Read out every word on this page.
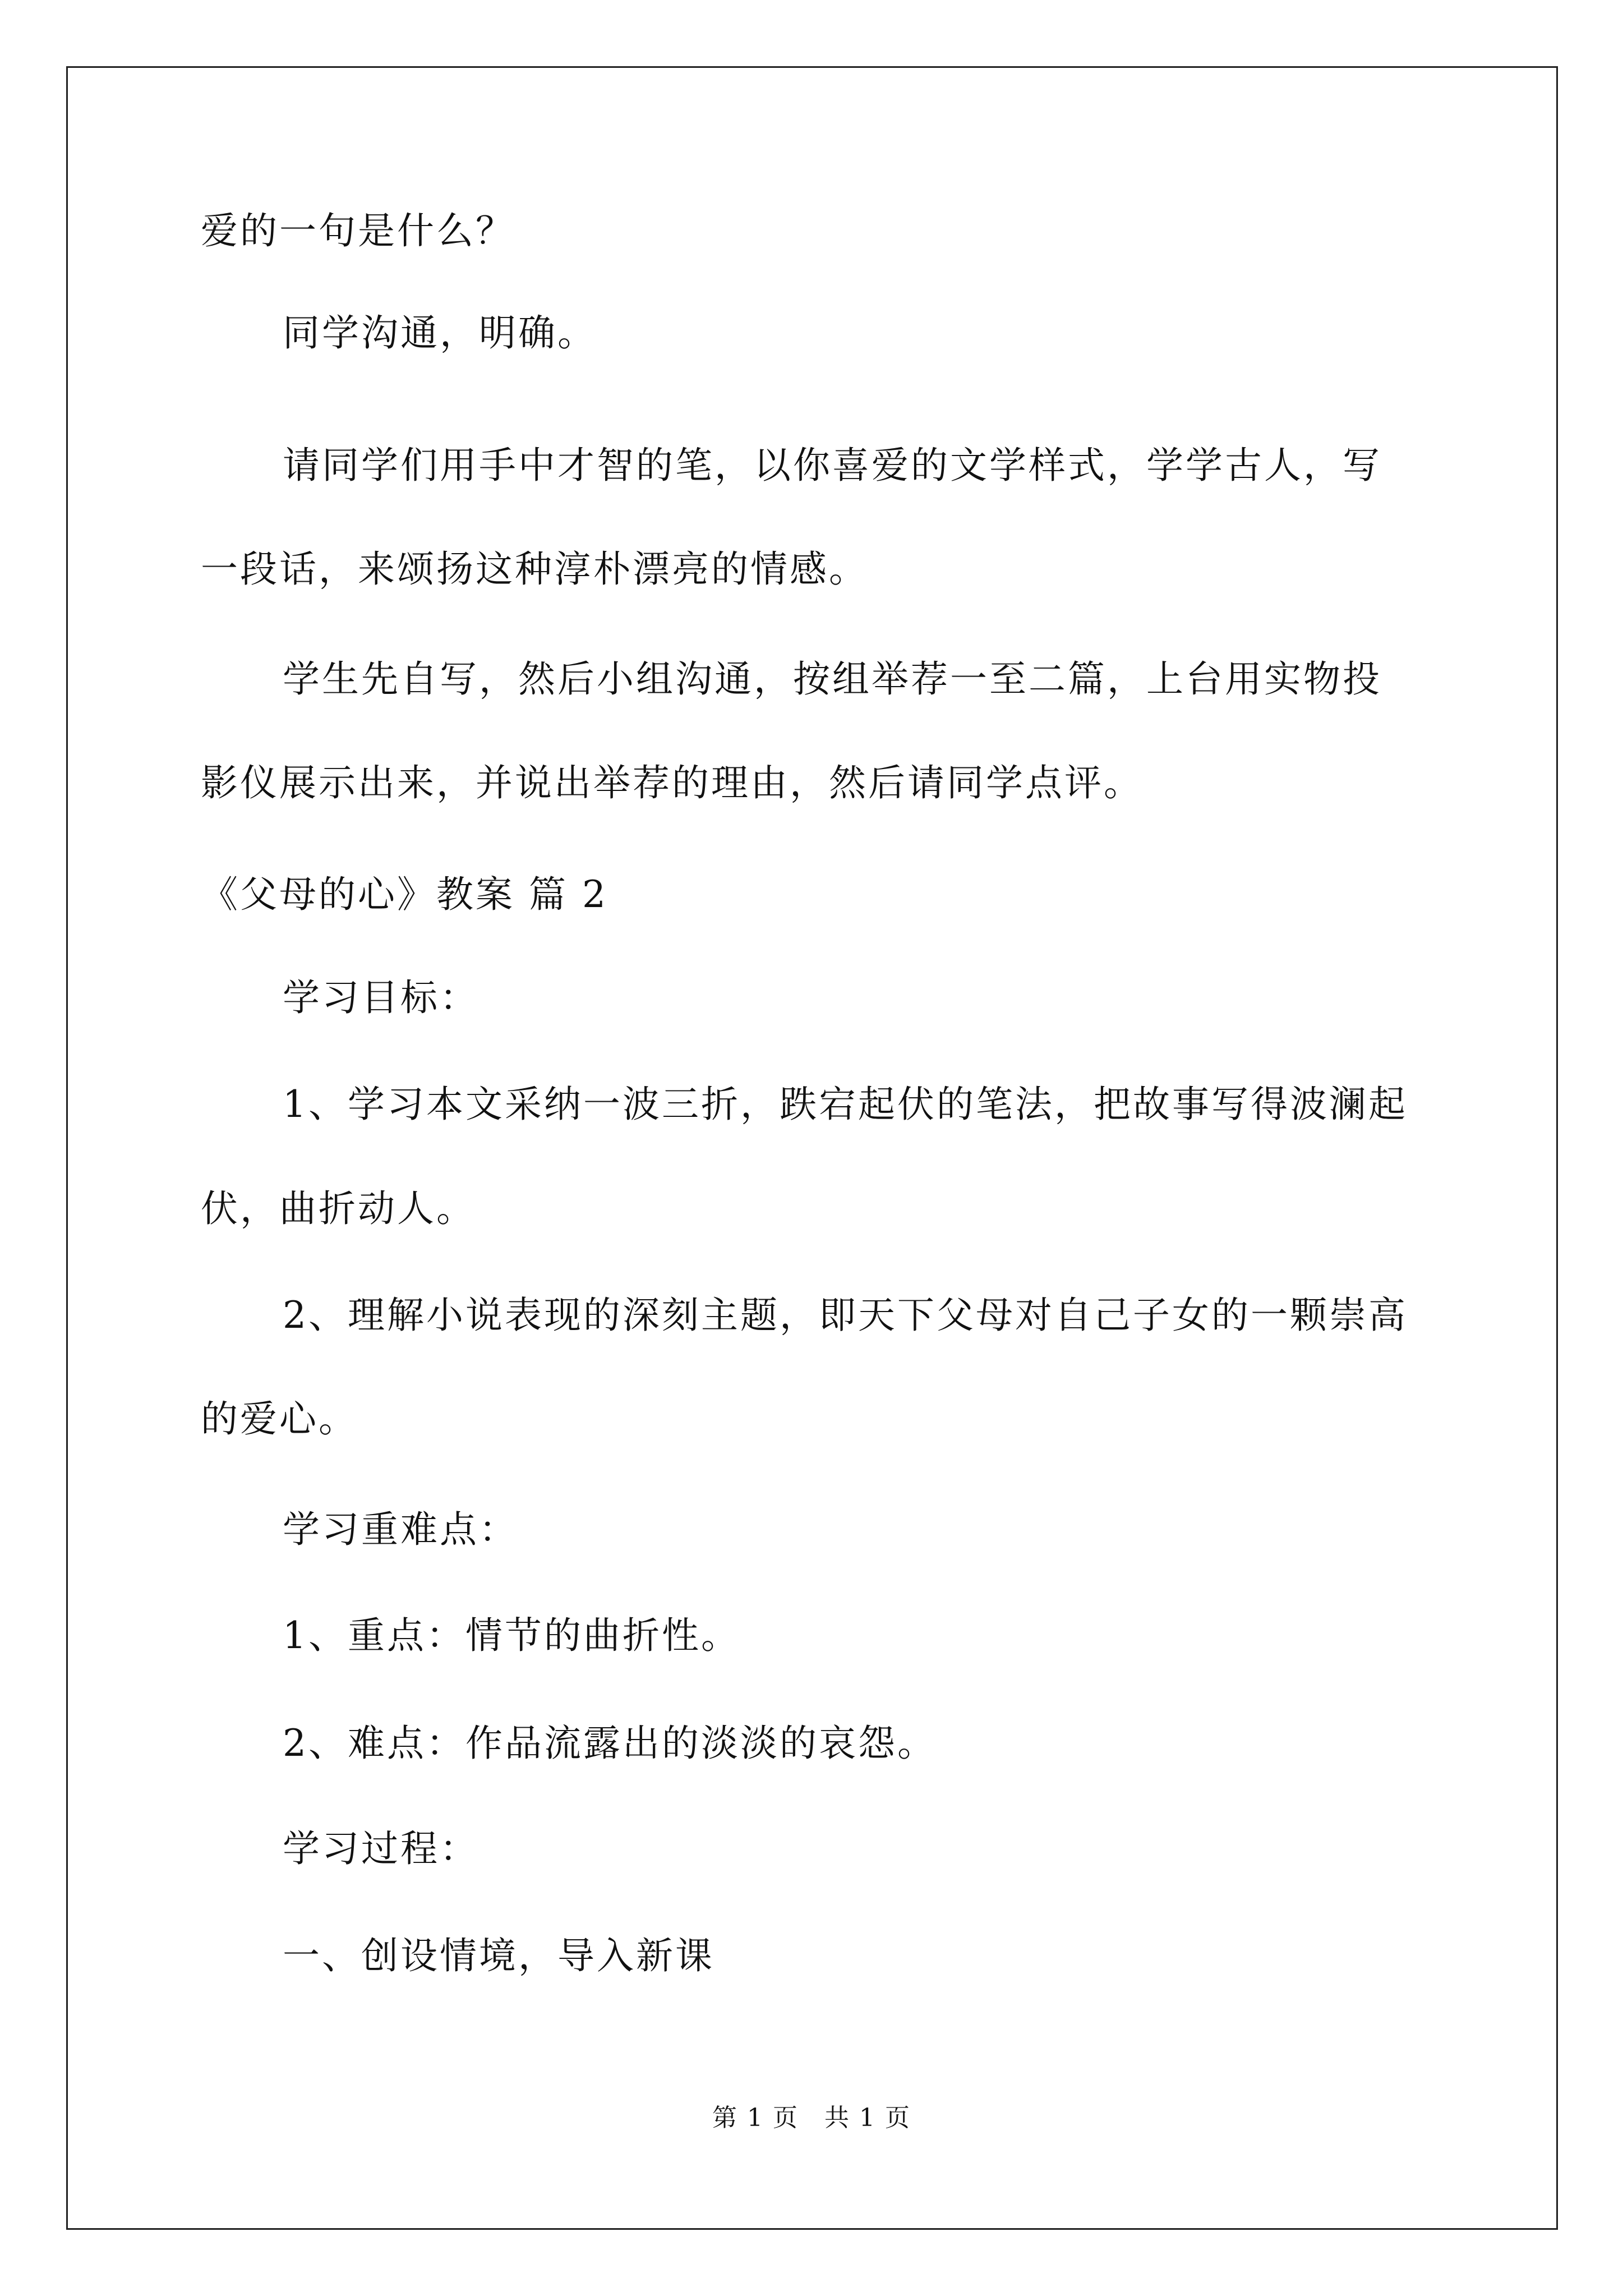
爱的一句是什么？
同学沟通，明确。
请同学们用手中才智的笔，以你喜爱的文学样式，学学古人，写
一段话，来颂扬这种淳朴漂亮的情感。
学生先自写，然后小组沟通，按组举荐一至二篇，上台用实物投
影仪展示出来，并说出举荐的理由，然后请同学点评。
《父母的心》教案 篇 2
学习目标：
1、学习本文采纳一波三折，跌宕起伏的笔法，把故事写得波澜起
伏，曲折动人。
2、理解小说表现的深刻主题，即天下父母对自己子女的一颗崇高
的爱心。
学习重难点：
1、重点：情节的曲折性。
2、难点：作品流露出的淡淡的哀怨。
学习过程：
一、创设情境，导入新课
第 1 页　共 1 页
